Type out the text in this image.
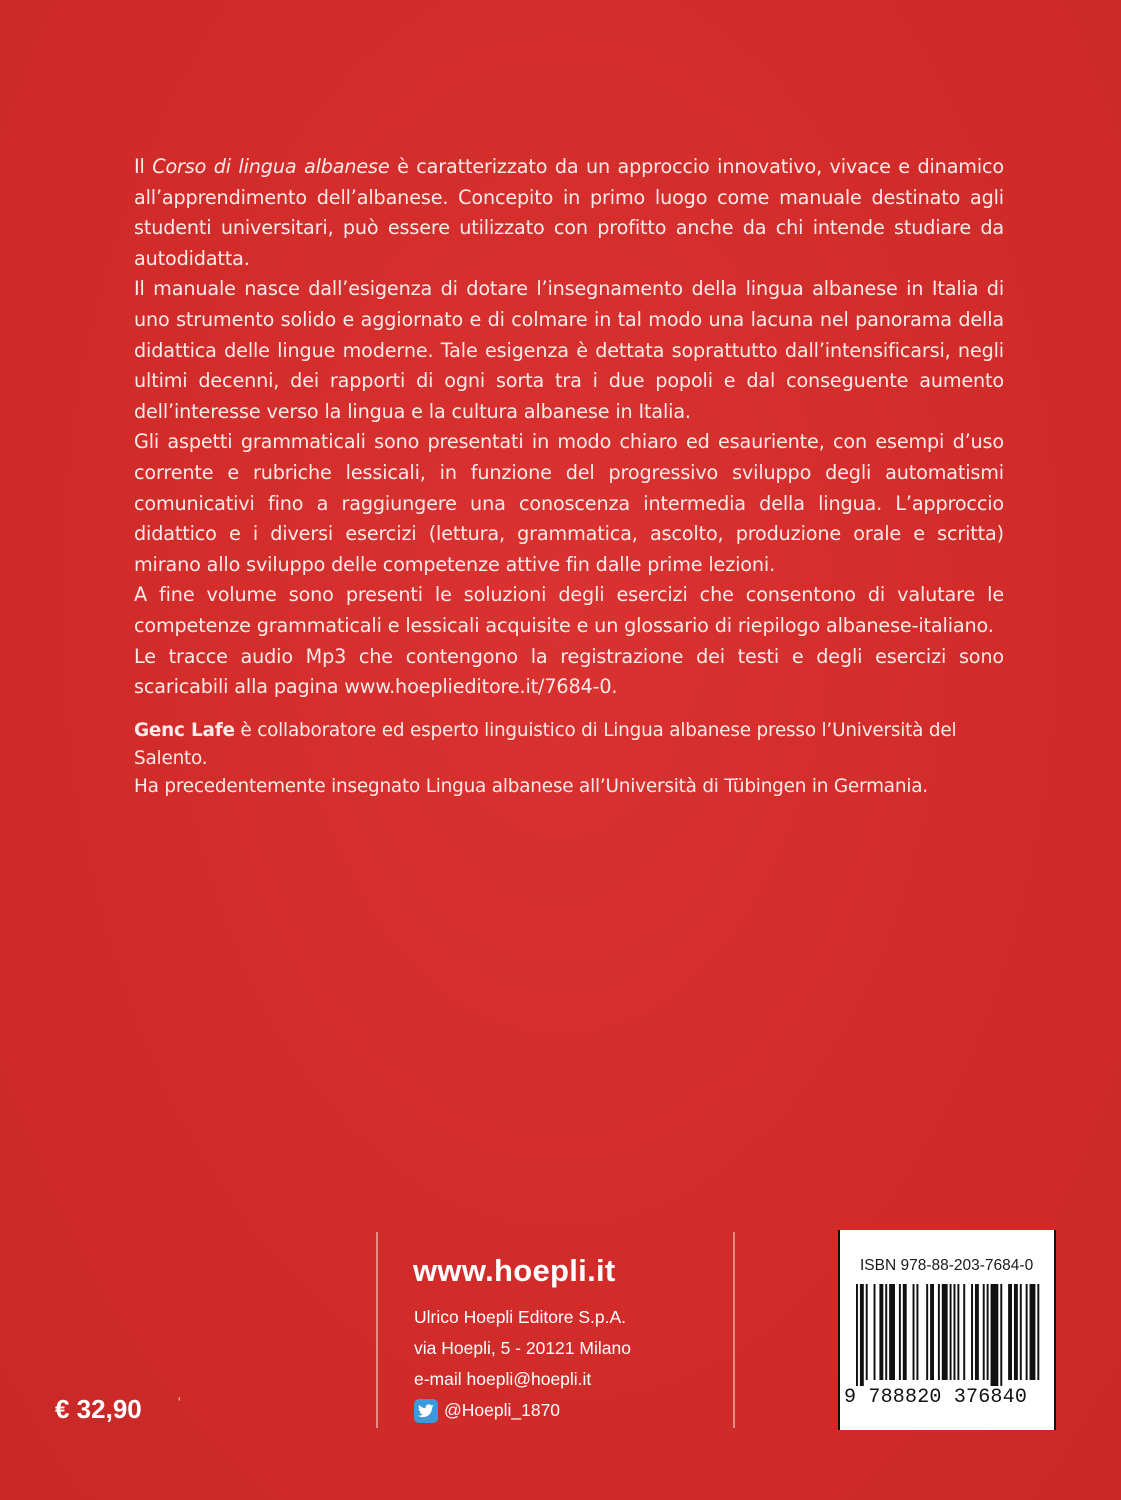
Il Corso di lingua albanese è caratterizzato da un approccio innovativo, vivace e dinamico all’apprendimento dell’albanese. Concepito in primo luogo come manuale destinato agli studenti universitari, può essere utilizzato con profitto anche da chi intende studiare da autodidatta.

Il manuale nasce dall’esigenza di dotare l’insegnamento della lingua albanese in Italia di uno strumento solido e aggiornato e di colmare in tal modo una lacuna nel panorama della didattica delle lingue moderne. Tale esigenza è dettata soprattutto dall’intensificarsi, negli ultimi decenni, dei rapporti di ogni sorta tra i due popoli e dal conseguente aumento dell’interesse verso la lingua e la cultura albanese in Italia.

Gli aspetti grammaticali sono presentati in modo chiaro ed esauriente, con esempi d’uso corrente e rubriche lessicali, in funzione del progressivo sviluppo degli automatismi comunicativi fino a raggiungere una conoscenza intermedia della lingua. L’approccio didattico e i diversi esercizi (lettura, grammatica, ascolto, produzione orale e scritta) mirano allo sviluppo delle competenze attive fin dalle prime lezioni.

A fine volume sono presenti le soluzioni degli esercizi che consentono di valutare le competenze grammaticali e lessicali acquisite e un glossario di riepilogo albanese-italiano.

Le tracce audio Mp3 che contengono la registrazione dei testi e degli esercizi sono scaricabili alla pagina www.hoeplieditore.it/7684-0.

Genc Lafe è collaboratore ed esperto linguistico di Lingua albanese presso l’Università del Salento.

Ha precedentemente insegnato Lingua albanese all’Università di Tübingen in Germania.

www.hoepli.it
Ulrico Hoepli Editore S.p.A.
via Hoepli, 5 - 20121 Milano
e-mail hoepli@hoepli.it
@Hoepli_1870
€ 32,90	ʹ
ISBN 978-88-203-7684-0
9 788820 376840
